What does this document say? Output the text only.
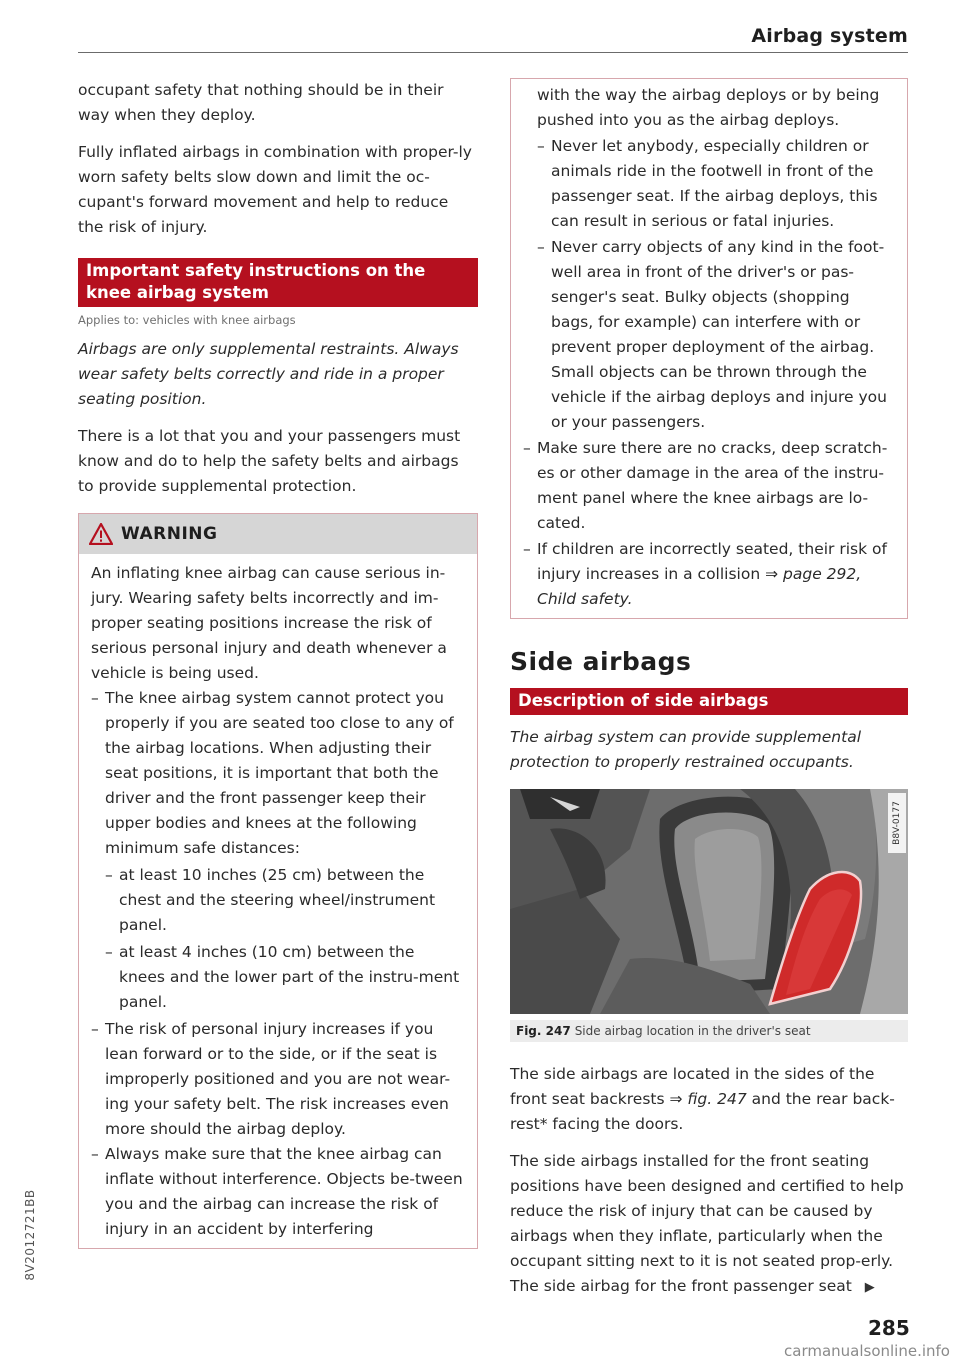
Airbag system

occupant safety that nothing should be in their way when they deploy.

Fully inflated airbags in combination with proper-ly worn safety belts slow down and limit the oc-cupant's forward movement and help to reduce the risk of injury.

Important safety instructions on the knee airbag system
Applies to: vehicles with knee airbags

Airbags are only supplemental restraints. Always wear safety belts correctly and ride in a proper seating position.

There is a lot that you and your passengers must know and do to help the safety belts and airbags to provide supplemental protection.

WARNING

An inflating knee airbag can cause serious in-jury. Wearing safety belts incorrectly and im-proper seating positions increase the risk of serious personal injury and death whenever a vehicle is being used.

– The knee airbag system cannot protect you properly if you are seated too close to any of the airbag locations. When adjusting their seat positions, it is important that both the driver and the front passenger keep their upper bodies and knees at the following minimum safe distances:
– at least 10 inches (25 cm) between the chest and the steering wheel/instrument panel.
– at least 4 inches (10 cm) between the knees and the lower part of the instru-ment panel.
– The risk of personal injury increases if you lean forward or to the side, or if the seat is improperly positioned and you are not wear-ing your safety belt. The risk increases even more should the airbag deploy.
– Always make sure that the knee airbag can inflate without interference. Objects be-tween you and the airbag can increase the risk of injury in an accident by interfering

with the way the airbag deploys or by being pushed into you as the airbag deploys.

– Never let anybody, especially children or animals ride in the footwell in front of the passenger seat. If the airbag deploys, this can result in serious or fatal injuries.
– Never carry objects of any kind in the foot-well area in front of the driver's or pas-senger's seat. Bulky objects (shopping bags, for example) can interfere with or prevent proper deployment of the airbag. Small objects can be thrown through the vehicle if the airbag deploys and injure you or your passengers.
– Make sure there are no cracks, deep scratch-es or other damage in the area of the instru-ment panel where the knee airbags are lo-cated.
– If children are incorrectly seated, their risk of injury increases in a collision ⇒ page 292, Child safety.
Side airbags
Description of side airbags

The airbag system can provide supplemental protection to properly restrained occupants.

B8V-0177
Fig. 247 Side airbag location in the driver's seat

The side airbags are located in the sides of the front seat backrests ⇒ fig. 247 and the rear back-rest* facing the doors.

The side airbags installed for the front seating positions have been designed and certified to help reduce the risk of injury that can be caused by airbags when they inflate, particularly when the occupant sitting next to it is not seated prop-erly. The side airbag for the front passenger seat ▶

8V2012721BB
285
carmanualsonline.info
